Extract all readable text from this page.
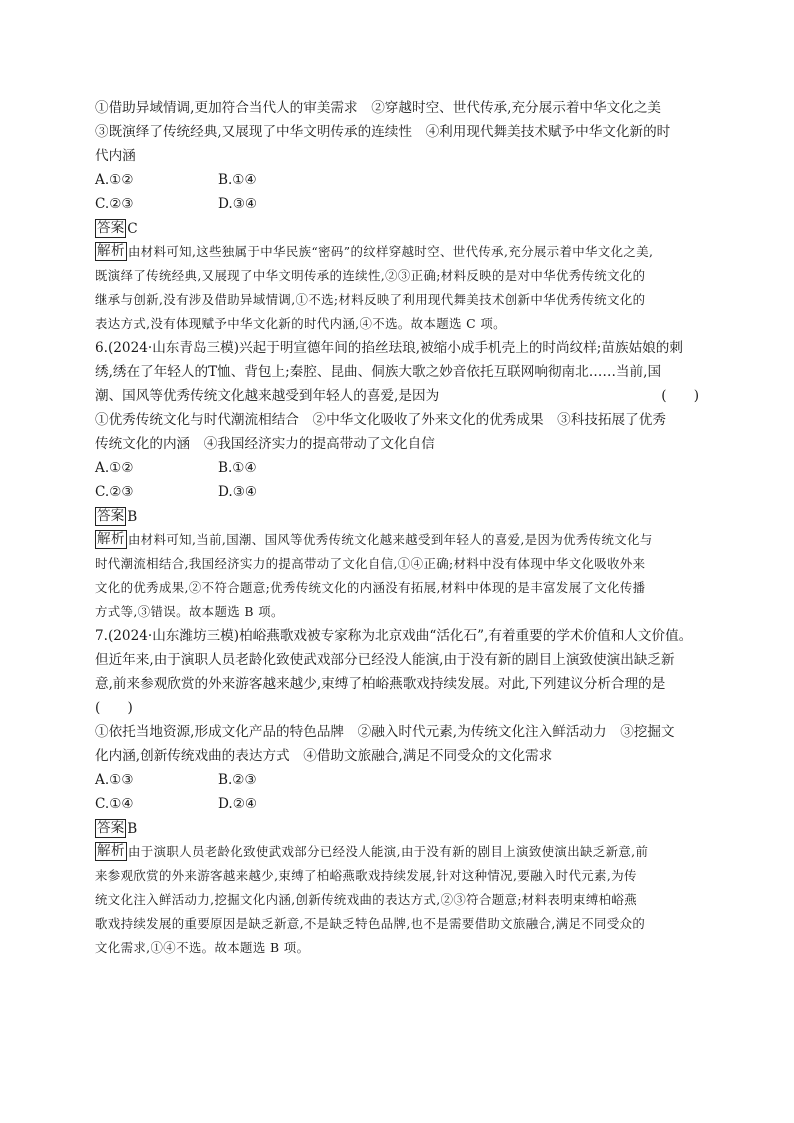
①借助异域情调,更加符合当代人的审美需求　②穿越时空、世代传承,充分展示着中华文化之美
③既演绎了传统经典,又展现了中华文明传承的连续性　④利用现代舞美技术赋予中华文化新的时
代内涵
A.①②	B.①④
C.②③	D.③④
答案 C
解析 由材料可知,这些独属于中华民族“密码”的纹样穿越时空、世代传承,充分展示着中华文化之美,
既演绎了传统经典,又展现了中华文明传承的连续性,②③正确;材料反映的是对中华优秀传统文化的
继承与创新,没有涉及借助异域情调,①不选;材料反映了利用现代舞美技术创新中华优秀传统文化的
表达方式,没有体现赋予中华文化新的时代内涵,④不选。故本题选 C 项。
6.(2024·山东青岛三模)兴起于明宣德年间的掐丝珐琅,被缩小成手机壳上的时尚纹样;苗族姑娘的刺
绣,绣在了年轻人的T恤、背包上;秦腔、昆曲、侗族大歌之妙音依托互联网响彻南北……当前,国
潮、国风等优秀传统文化越来越受到年轻人的喜爱,是因为	(　　)
①优秀传统文化与时代潮流相结合　②中华文化吸收了外来文化的优秀成果　③科技拓展了优秀
传统文化的内涵　④我国经济实力的提高带动了文化自信
A.①②	B.①④
C.②③	D.③④
答案 B
解析 由材料可知,当前,国潮、国风等优秀传统文化越来越受到年轻人的喜爱,是因为优秀传统文化与
时代潮流相结合,我国经济实力的提高带动了文化自信,①④正确;材料中没有体现中华文化吸收外来
文化的优秀成果,②不符合题意;优秀传统文化的内涵没有拓展,材料中体现的是丰富发展了文化传播
方式等,③错误。故本题选 B 项。
7.(2024·山东潍坊三模)柏峪燕歌戏被专家称为北京戏曲“活化石”,有着重要的学术价值和人文价值。
但近年来,由于演职人员老龄化致使武戏部分已经没人能演,由于没有新的剧目上演致使演出缺乏新
意,前来参观欣赏的外来游客越来越少,束缚了柏峪燕歌戏持续发展。对此,下列建议分析合理的是
(　　)
①依托当地资源,形成文化产品的特色品牌　②融入时代元素,为传统文化注入鲜活动力　③挖掘文
化内涵,创新传统戏曲的表达方式　④借助文旅融合,满足不同受众的文化需求
A.①③	B.②③
C.①④	D.②④
答案 B
解析 由于演职人员老龄化致使武戏部分已经没人能演,由于没有新的剧目上演致使演出缺乏新意,前
来参观欣赏的外来游客越来越少,束缚了柏峪燕歌戏持续发展,针对这种情况,要融入时代元素,为传
统文化注入鲜活动力,挖掘文化内涵,创新传统戏曲的表达方式,②③符合题意;材料表明束缚柏峪燕
歌戏持续发展的重要原因是缺乏新意,不是缺乏特色品牌,也不是需要借助文旅融合,满足不同受众的
文化需求,①④不选。故本题选 B 项。
